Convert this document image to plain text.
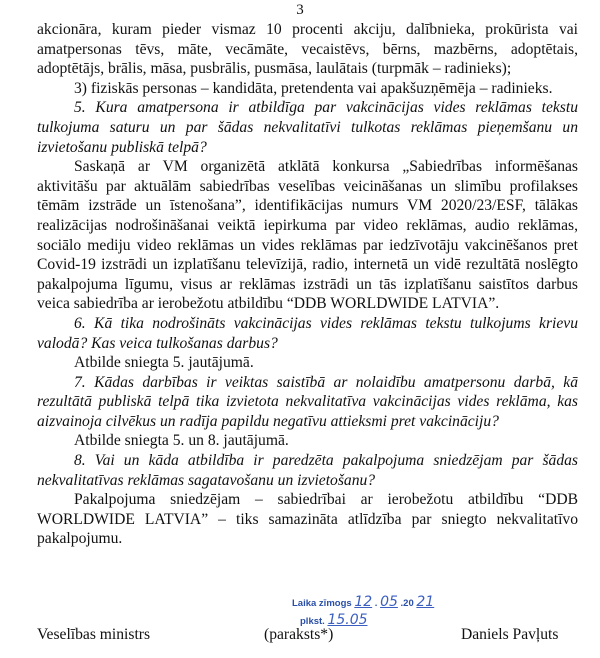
3

akcionāra, kuram pieder vismaz 10 procenti akciju, dalībnieka, prokūrista vai amatpersonas tēvs, māte, vecāmāte, vecaistēvs, bērns, mazbērns, adoptētais, adoptētājs, brālis, māsa, pusbrālis, pusmāsa, laulātais (turpmāk – radinieks);

3) fiziskās personas – kandidāta, pretendenta vai apakšuzņēmēja – radinieks.

5. Kura amatpersona ir atbildīga par vakcinācijas vides reklāmas tekstu tulkojuma saturu un par šādas nekvalitatīvi tulkotas reklāmas pieņemšanu un izvietošanu publiskā telpā?

Saskaņā ar VM organizētā atklātā konkursa „Sabiedrības informēšanas aktivitāšu par aktuālām sabiedrības veselības veicināšanas un slimību profilakses tēmām izstrāde un īstenošana”, identifikācijas numurs VM 2020/23/ESF, tālākas realizācijas nodrošināšanai veiktā iepirkuma par video reklāmas, audio reklāmas, sociālo mediju video reklāmas un vides reklāmas par iedzīvotāju vakcinēšanos pret Covid-19 izstrādi un izplatīšanu televīzijā, radio, internetā un vidē rezultātā noslēgto pakalpojuma līgumu, visus ar reklāmas izstrādi un tās izplatīšanu saistītos darbus veica sabiedrība ar ierobežotu atbildību “DDB WORLDWIDE LATVIA”.

6. Kā tika nodrošināts vakcinācijas vides reklāmas tekstu tulkojums krievu valodā? Kas veica tulkošanas darbus?

Atbilde sniegta 5. jautājumā.

7. Kādas darbības ir veiktas saistībā ar nolaidību amatpersonu darbā, kā rezultātā publiskā telpā tika izvietota nekvalitatīva vakcinācijas vides reklāma, kas aizvainoja cilvēkus un radīja papildu negatīvu attieksmi pret vakcināciju?

Atbilde sniegta 5. un 8. jautājumā.

8. Vai un kāda atbildība ir paredzēta pakalpojuma sniedzējam par šādas nekvalitatīvas reklāmas sagatavošanu un izvietošanu?

Pakalpojuma sniedzējam – sabiedrībai ar ierobežotu atbildību “DDB WORLDWIDE LATVIA” – tiks samazināta atlīdzība par sniegto nekvalitatīvo pakalpojumu.

Laika zīmogs 12 . 05 .20 21
plkst. 15.05
Veselības ministrs	(paraksts*)	Daniels Pavļuts
